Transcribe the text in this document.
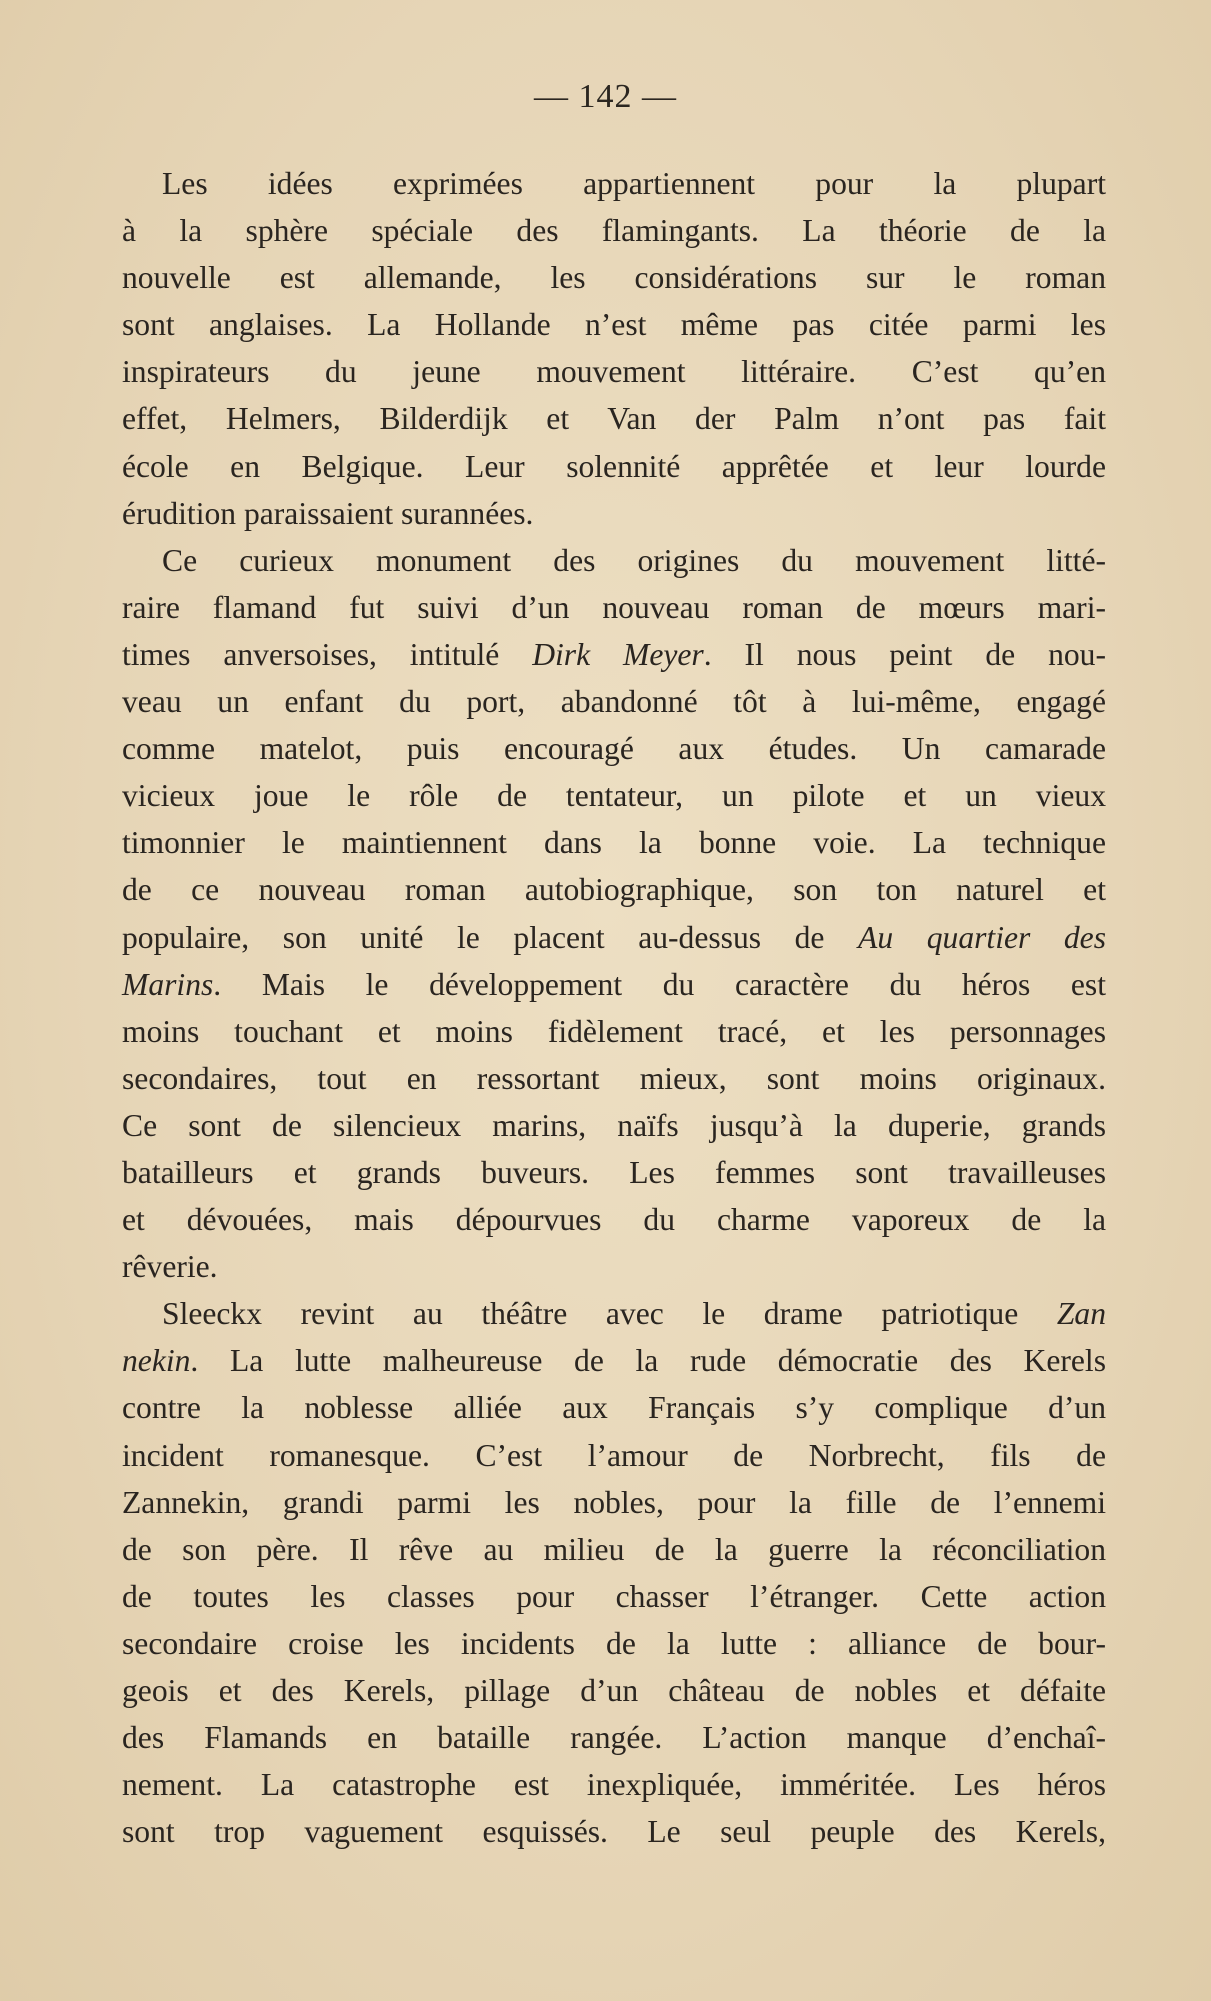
— 142 —
Les idées exprimées appartiennent pour la plupart
à la sphère spéciale des flamingants. La théorie de la
nouvelle est allemande, les considérations sur le roman
sont anglaises. La Hollande n’est même pas citée parmi les
inspirateurs du jeune mouvement littéraire. C’est qu’en
effet, Helmers, Bilderdijk et Van der Palm n’ont pas fait
école en Belgique. Leur solennité apprêtée et leur lourde
érudition paraissaient surannées.
Ce curieux monument des origines du mouvement litté-
raire flamand fut suivi d’un nouveau roman de mœurs mari-
times anversoises, intitulé Dirk Meyer. Il nous peint de nou-
veau un enfant du port, abandonné tôt à lui-même, engagé
comme matelot, puis encouragé aux études. Un camarade
vicieux joue le rôle de tentateur, un pilote et un vieux
timonnier le maintiennent dans la bonne voie. La technique
de ce nouveau roman autobiographique, son ton naturel et
populaire, son unité le placent au-dessus de Au quartier des
Marins. Mais le développement du caractère du héros est
moins touchant et moins fidèlement tracé, et les personnages
secondaires, tout en ressortant mieux, sont moins originaux.
Ce sont de silencieux marins, naïfs jusqu’à la duperie, grands
batailleurs et grands buveurs. Les femmes sont travailleuses
et dévouées, mais dépourvues du charme vaporeux de la
rêverie.
Sleeckx revint au théâtre avec le drame patriotique Zan
nekin. La lutte malheureuse de la rude démocratie des Kerels
contre la noblesse alliée aux Français s’y complique d’un
incident romanesque. C’est l’amour de Norbrecht, fils de
Zannekin, grandi parmi les nobles, pour la fille de l’ennemi
de son père. Il rêve au milieu de la guerre la réconciliation
de toutes les classes pour chasser l’étranger. Cette action
secondaire croise les incidents de la lutte : alliance de bour-
geois et des Kerels, pillage d’un château de nobles et défaite
des Flamands en bataille rangée. L’action manque d’enchaî-
nement. La catastrophe est inexpliquée, imméritée. Les héros
sont trop vaguement esquissés. Le seul peuple des Kerels,
